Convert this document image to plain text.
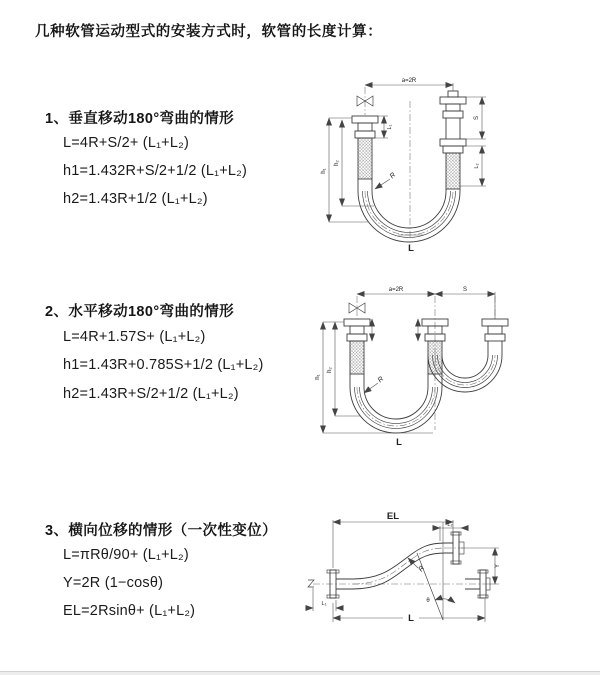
几种软管运动型式的安装方式时，软管的长度计算：
1、垂直移动180°弯曲的情形
L=4R+S/2+ (L₁+L₂)
h1=1.432R+S/2+1/2 (L₁+L₂)
h2=1.43R+1/2 (L₁+L₂)
2、水平移动180°弯曲的情形
L=4R+1.57S+ (L₁+L₂)
h1=1.43R+0.785S+1/2 (L₁+L₂)
h2=1.43R+S/2+1/2 (L₁+L₂)
3、横向位移的情形（一次性变位）
L=πRθ/90+ (L₁+L₂)
Y=2R (1−cosθ)
EL=2Rsinθ+ (L₁+L₂)
a=2R
h₁
h₂
L₁
S
L₂
R
L
a=2R	S
h₁
h₂
R
L
EL
L₂
Y
R
θ
L
L₁
